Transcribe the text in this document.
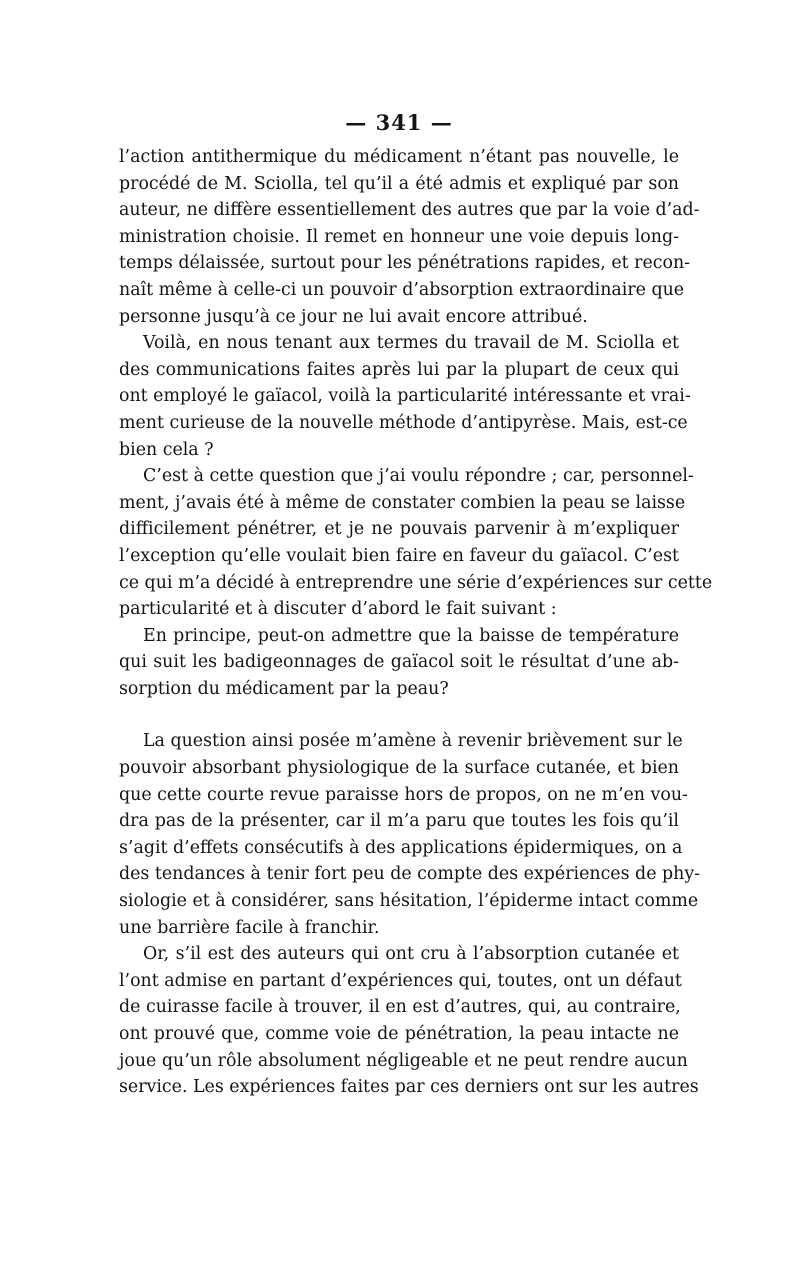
— 341 —

l’action antithermique du médicament n’étant pas nouvelle, le
procédé de M. Sciolla, tel qu’il a été admis et expliqué par son
auteur, ne diffère essentiellement des autres que par la voie d’ad-
ministration choisie. Il remet en honneur une voie depuis long-
temps délaissée, surtout pour les pénétrations rapides, et recon-
naît même à celle-ci un pouvoir d’absorption extraordinaire que
personne jusqu’à ce jour ne lui avait encore attribué.

Voilà, en nous tenant aux termes du travail de M. Sciolla et
des communications faites après lui par la plupart de ceux qui
ont employé le gaïacol, voilà la particularité intéressante et vrai-
ment curieuse de la nouvelle méthode d’antipyrèse. Mais, est-ce
bien cela ?

C’est à cette question que j’ai voulu répondre ; car, personnel-
ment, j’avais été à même de constater combien la peau se laisse
difficilement pénétrer, et je ne pouvais parvenir à m’expliquer
l’exception qu’elle voulait bien faire en faveur du gaïacol. C’est
ce qui m’a décidé à entreprendre une série d’expériences sur cette
particularité et à discuter d’abord le fait suivant :

En principe, peut-on admettre que la baisse de température
qui suit les badigeonnages de gaïacol soit le résultat d’une ab-
sorption du médicament par la peau?

La question ainsi posée m’amène à revenir brièvement sur le
pouvoir absorbant physiologique de la surface cutanée, et bien
que cette courte revue paraisse hors de propos, on ne m’en vou-
dra pas de la présenter, car il m’a paru que toutes les fois qu’il
s’agit d’effets consécutifs à des applications épidermiques, on a
des tendances à tenir fort peu de compte des expériences de phy-
siologie et à considérer, sans hésitation, l’épiderme intact comme
une barrière facile à franchir.

Or, s’il est des auteurs qui ont cru à l’absorption cutanée et
l’ont admise en partant d’expériences qui, toutes, ont un défaut
de cuirasse facile à trouver, il en est d’autres, qui, au contraire,
ont prouvé que, comme voie de pénétration, la peau intacte ne
joue qu’un rôle absolument négligeable et ne peut rendre aucun
service. Les expériences faites par ces derniers ont sur les autres
